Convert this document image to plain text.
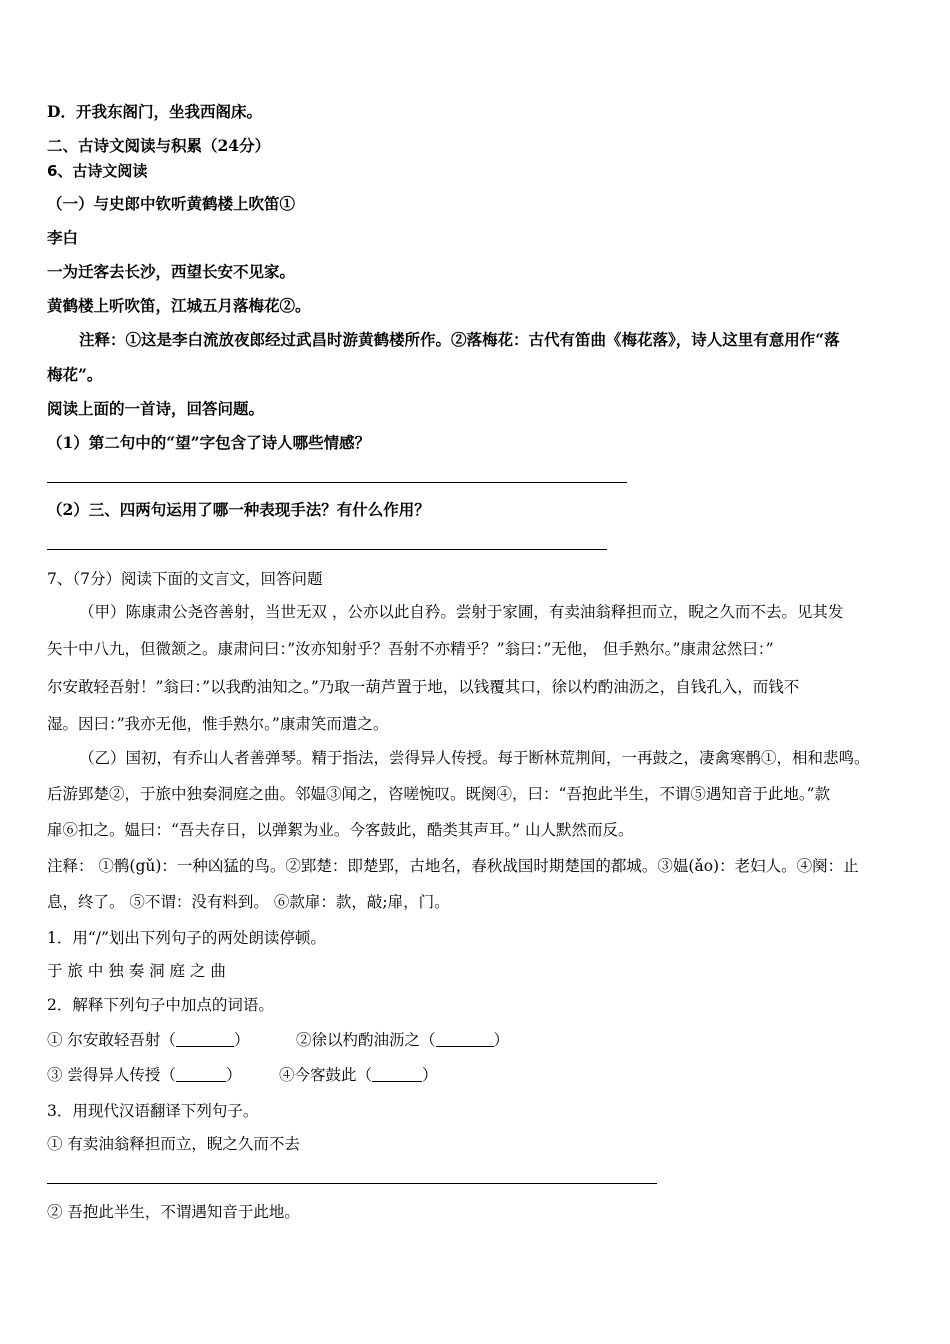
D．开我东阁门，坐我西阁床。
二、古诗文阅读与积累（24分）
6、古诗文阅读
（一）与史郎中钦听黄鹤楼上吹笛①
李白
一为迁客去长沙，西望长安不见家。
黄鹤楼上听吹笛，江城五月落梅花②。
注释：①这是李白流放夜郎经过武昌时游黄鹤楼所作。②落梅花：古代有笛曲《梅花落》，诗人这里有意用作“落
梅花”。
阅读上面的一首诗，回答问题。
（1）第二句中的“望”字包含了诗人哪些情感？
（2）三、四两句运用了哪一种表现手法？有什么作用？
7、（7分）阅读下面的文言文，回答问题
（甲）陈康肃公尧咨善射，当世无双 ，公亦以此自矜。尝射于家圃，有卖油翁释担而立，睨之久而不去。见其发
矢十中八九，但微颔之。康肃问曰：”汝亦知射乎？吾射不亦精乎？”翁曰：”无他， 但手熟尔。”康肃忿然曰：”
尔安敢轻吾射！”翁曰：”以我酌油知之。”乃取一葫芦置于地，以钱覆其口，徐以杓酌油沥之，自钱孔入，而钱不
湿。因曰：”我亦无他，惟手熟尔。”康肃笑而遣之。
（乙）国初，有乔山人者善弹琴。精于指法，尝得异人传授。每于断林荒荆间，一再鼓之，凄禽寒鹘①，相和悲鸣。
后游郢楚②，于旅中独奏洞庭之曲。邻媪③闻之，咨嗟惋叹。既阕④，曰：“吾抱此半生，不谓⑤遇知音于此地。”款
扉⑥扣之。媪曰：“吾夫存日，以弹絮为业。今客鼓此，酷类其声耳。” 山人默然而反。
注释： ①鹘(gǔ)：一种凶猛的鸟。②郢楚：即楚郢，古地名，春秋战国时期楚国的都城。③媪(ǎo)：老妇人。④阕：止
息，终了。 ⑤不谓：没有料到。 ⑥款扉：款，敲;扉，门。
1．用“/”划出下列句子的两处朗读停顿。
于 旅 中 独 奏 洞 庭 之 曲
2．解释下列句子中加点的词语。
① 尔安敢轻吾射（	）	②徐以杓酌油沥之（	）
③ 尝得异人传授（	） ④今客鼓此（	）
3．用现代汉语翻译下列句子。
① 有卖油翁释担而立，睨之久而不去
② 吾抱此半生，不谓遇知音于此地。
